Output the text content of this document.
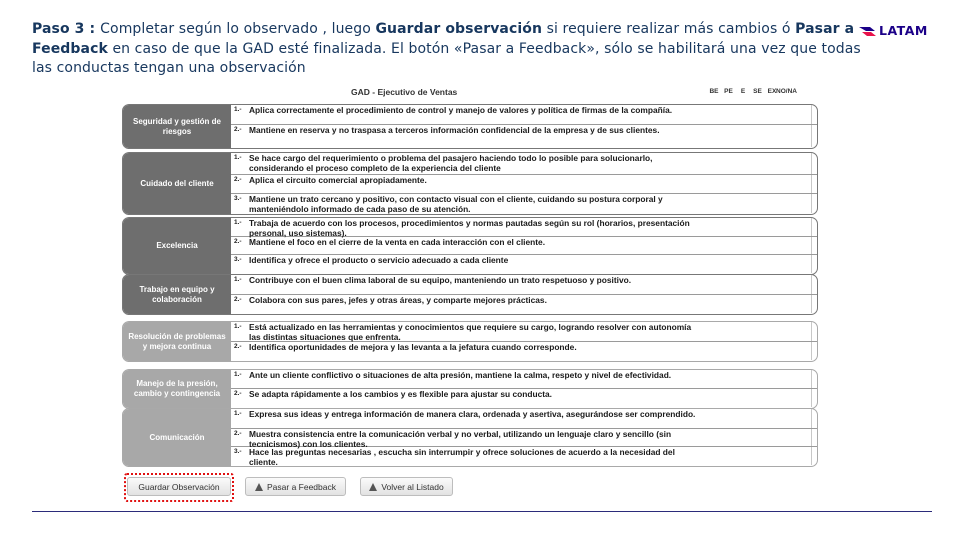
Paso 3 : Completar según lo observado , luego Guardar observación si requiere realizar más cambios ó Pasar a Feedback en caso de que la GAD esté finalizada. El botón «Pasar a Feedback», sólo se habilitará una vez que todas las conductas tengan una observación
LATAM
GAD - Ejecutivo de Ventas	BE PE E SE EX NO/NA
Seguridad y gestión de riesgos
1.- Aplica correctamente el procedimiento de control y manejo de valores y política de firmas de la compañía.
2.- Mantiene en reserva y no traspasa a terceros información confidencial de la empresa y de sus clientes.
Cuidado del cliente
1.- Se hace cargo del requerimiento o problema del pasajero haciendo todo lo posible para solucionarlo, considerando el proceso completo de la experiencia del cliente
2.- Aplica el circuito comercial apropiadamente.
3.- Mantiene un trato cercano y positivo, con contacto visual con el cliente, cuidando su postura corporal y manteniéndolo informado de cada paso de su atención.
Excelencia
1.- Trabaja de acuerdo con los procesos, procedimientos y normas pautadas según su rol (horarios, presentación personal, uso sistemas).
2.- Mantiene el foco en el cierre de la venta en cada interacción con el cliente.
3.- Identifica y ofrece el producto o servicio adecuado a cada cliente
Trabajo en equipo y colaboración
1.- Contribuye con el buen clima laboral de su equipo, manteniendo un trato respetuoso y positivo.
2.- Colabora con sus pares, jefes y otras áreas, y comparte mejores prácticas.
Resolución de problemas y mejora continua
1.- Está actualizado en las herramientas y conocimientos que requiere su cargo, logrando resolver con autonomía las distintas situaciones que enfrenta.
2.- Identifica oportunidades de mejora y las levanta a la jefatura cuando corresponde.
Manejo de la presión, cambio y contingencia
1.- Ante un cliente conflictivo o situaciones de alta presión, mantiene la calma, respeto y nivel de efectividad.
2.- Se adapta rápidamente a los cambios y es flexible para ajustar su conducta.
Comunicación
1.- Expresa sus ideas y entrega información de manera clara, ordenada y asertiva, asegurándose ser comprendido.
2.- Muestra consistencia entre la comunicación verbal y no verbal, utilizando un lenguaje claro y sencillo (sin tecnicismos) con los clientes.
3.- Hace las preguntas necesarias , escucha sin interrumpir y ofrece soluciones de acuerdo a la necesidad del cliente.
Guardar Observación	Pasar a Feedback	Volver al Listado
